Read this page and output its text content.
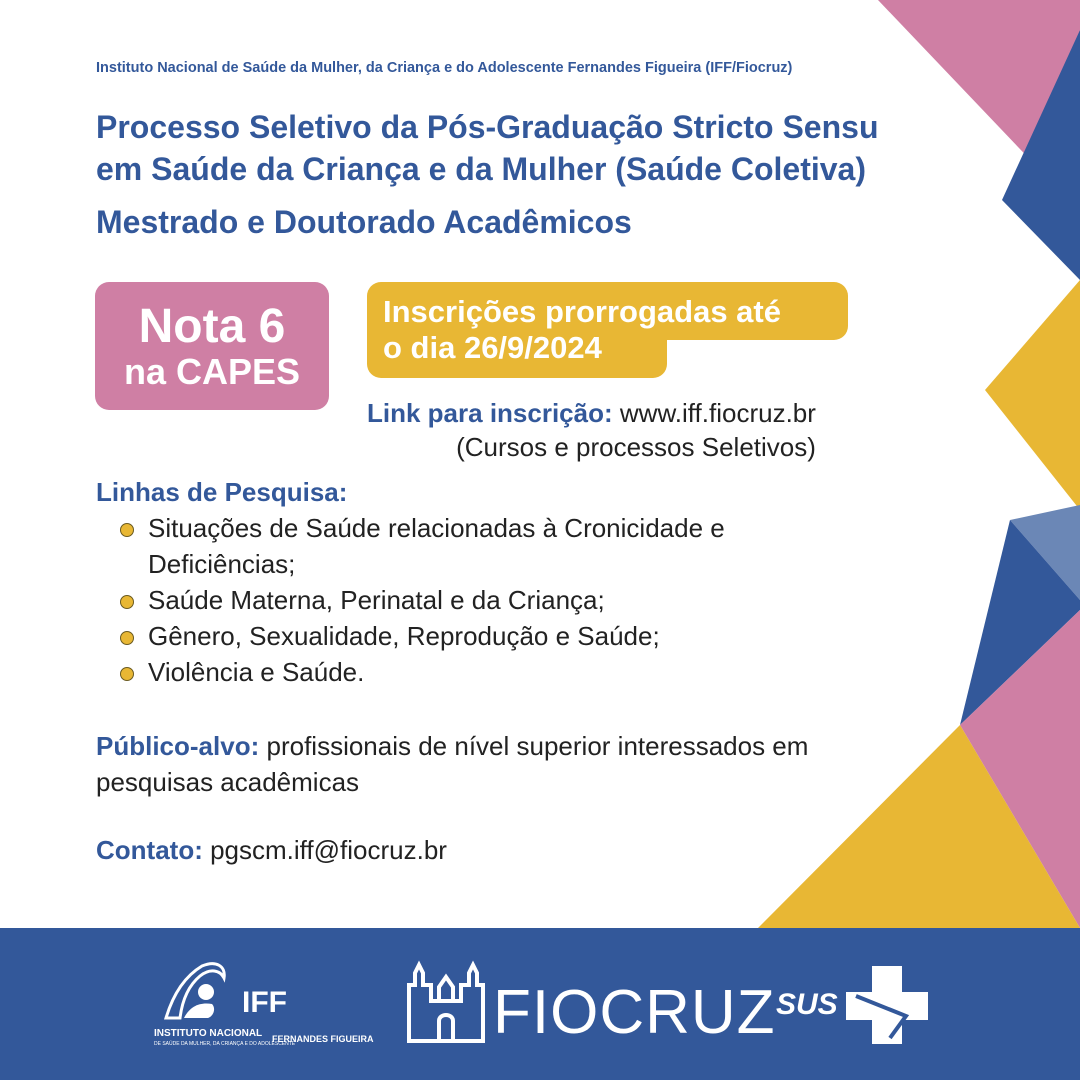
Instituto Nacional de Saúde da Mulher, da Criança e do Adolescente Fernandes Figueira (IFF/Fiocruz)
Processo Seletivo da Pós-Graduação Stricto Sensu
em Saúde da Criança e da Mulher (Saúde Coletiva)
Mestrado e Doutorado Acadêmicos
Nota 6
na CAPES
Inscrições prorrogadas até
o dia 26/9/2024
Link para inscrição: www.iff.fiocruz.br
(Cursos e processos Seletivos)
Linhas de Pesquisa:
Situações de Saúde relacionadas à Cronicidade e Deficiências;
Saúde Materna, Perinatal e da Criança;
Gênero, Sexualidade, Reprodução e Saúde;
Violência e Saúde.
Público-alvo: profissionais de nível superior interessados em pesquisas acadêmicas
Contato: pgscm.iff@fiocruz.br
IFF
INSTITUTO NACIONAL FERNANDES FIGUEIRA
DE SAÚDE DA MULHER, DA CRIANÇA E DO ADOLESCENTE	FIOCRUZ SUS
